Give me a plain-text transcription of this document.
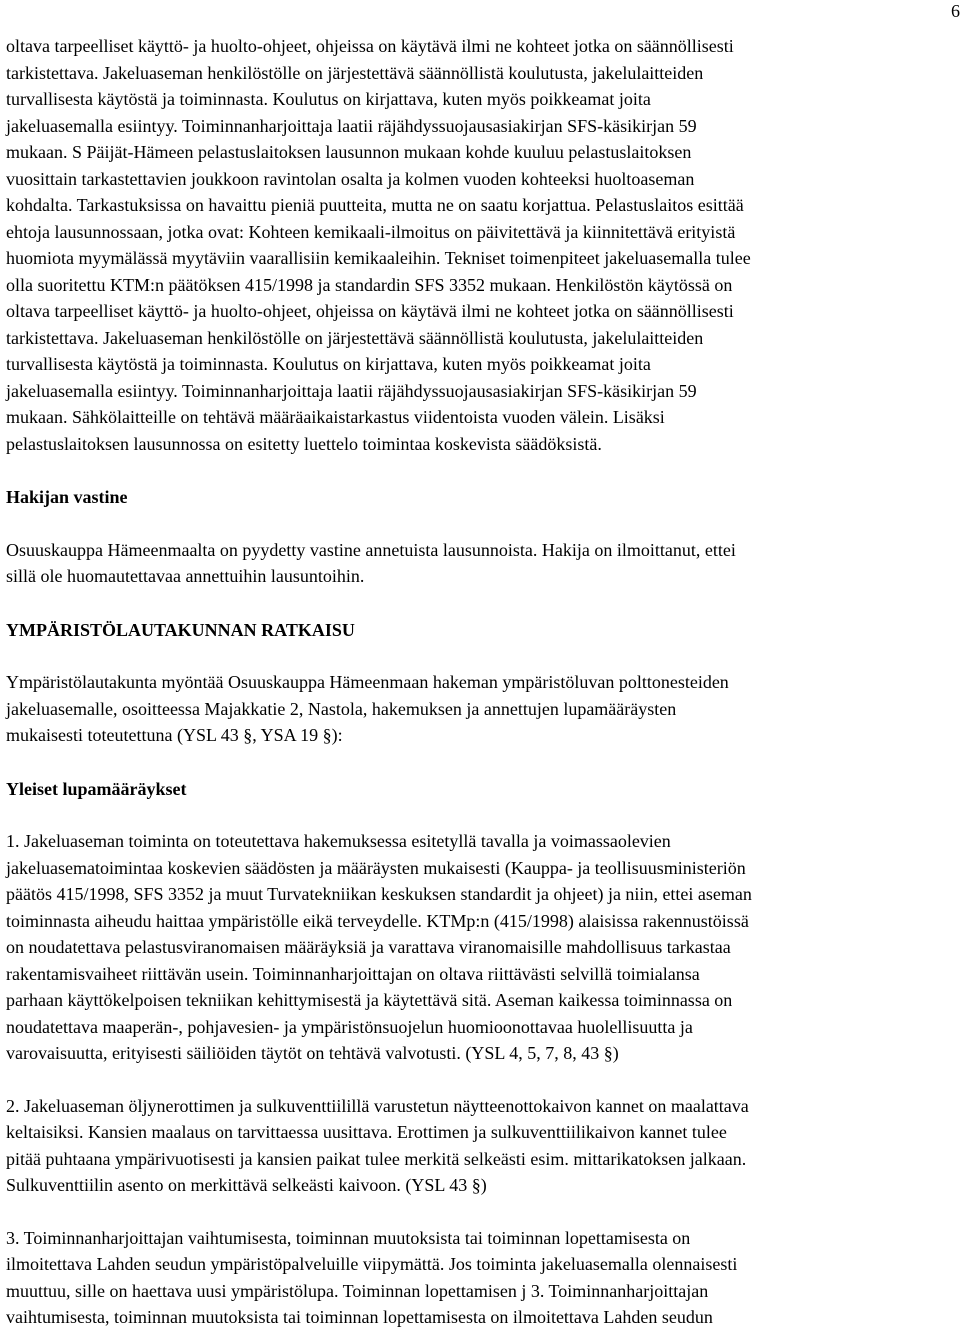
6

oltava tarpeelliset käyttö- ja huolto-ohjeet, ohjeissa on käytävä ilmi ne kohteet jotka on säännöllisesti
tarkistettava. Jakeluaseman henkilöstölle on järjestettävä säännöllistä koulutusta, jakelulaitteiden
turvallisesta käytöstä ja toiminnasta. Koulutus on kirjattava, kuten myös poikkeamat joita
jakeluasemalla esiintyy. Toiminnanharjoittaja laatii räjähdyssuojausasiakirjan SFS-käsikirjan 59
mukaan. S Päijät-Hämeen pelastuslaitoksen lausunnon mukaan kohde kuuluu pelastuslaitoksen
vuosittain tarkastettavien joukkoon ravintolan osalta ja kolmen vuoden kohteeksi huoltoaseman
kohdalta. Tarkastuksissa on havaittu pieniä puutteita, mutta ne on saatu korjattua. Pelastuslaitos esittää
ehtoja lausunnossaan, jotka ovat: Kohteen kemikaali-ilmoitus on päivitettävä ja kiinnitettävä erityistä
huomiota myymälässä myytäviin vaarallisiin kemikaaleihin. Tekniset toimenpiteet jakeluasemalla tulee
olla suoritettu KTM:n päätöksen 415/1998 ja standardin SFS 3352 mukaan. Henkilöstön käytössä on
oltava tarpeelliset käyttö- ja huolto-ohjeet, ohjeissa on käytävä ilmi ne kohteet jotka on säännöllisesti
tarkistettava. Jakeluaseman henkilöstölle on järjestettävä säännöllistä koulutusta, jakelulaitteiden
turvallisesta käytöstä ja toiminnasta. Koulutus on kirjattava, kuten myös poikkeamat joita
jakeluasemalla esiintyy. Toiminnanharjoittaja laatii räjähdyssuojausasiakirjan SFS-käsikirjan 59
mukaan. Sähkölaitteille on tehtävä määräaikaistarkastus viidentoista vuoden välein. Lisäksi
pelastuslaitoksen lausunnossa on esitetty luettelo toimintaa koskevista säädöksistä.

Hakijan vastine

Osuuskauppa Hämeenmaalta on pyydetty vastine annetuista lausunnoista. Hakija on ilmoittanut, ettei
sillä ole huomautettavaa annettuihin lausuntoihin.

YMPÄRISTÖLAUTAKUNNAN RATKAISU

Ympäristölautakunta myöntää Osuuskauppa Hämeenmaan hakeman ympäristöluvan polttonesteiden
jakeluasemalle, osoitteessa Majakkatie 2, Nastola, hakemuksen ja annettujen lupamääräysten
mukaisesti toteutettuna (YSL 43 §, YSA 19 §):

Yleiset lupamääräykset

1. Jakeluaseman toiminta on toteutettava hakemuksessa esitetyllä tavalla ja voimassaolevien
jakeluasematoimintaa koskevien säädösten ja määräysten mukaisesti (Kauppa- ja teollisuusministeriön
päätös 415/1998, SFS 3352 ja muut Turvatekniikan keskuksen standardit ja ohjeet) ja niin, ettei aseman
toiminnasta aiheudu haittaa ympäristölle eikä terveydelle. KTMp:n (415/1998) alaisissa rakennustöissä
on noudatettava pelastusviranomaisen määräyksiä ja varattava viranomaisille mahdollisuus tarkastaa
rakentamisvaiheet riittävän usein. Toiminnanharjoittajan on oltava riittävästi selvillä toimialansa
parhaan käyttökelpoisen tekniikan kehittymisestä ja käytettävä sitä. Aseman kaikessa toiminnassa on
noudatettava maaperän-, pohjavesien- ja ympäristönsuojelun huomioonottavaa huolellisuutta ja
varovaisuutta, erityisesti säiliöiden täytöt on tehtävä valvotusti. (YSL 4, 5, 7, 8, 43 §)

2. Jakeluaseman öljynerottimen ja sulkuventtiilillä varustetun näytteenottokaivon kannet on maalattava
keltaisiksi. Kansien maalaus on tarvittaessa uusittava. Erottimen ja sulkuventtiilikaivon kannet tulee
pitää puhtaana ympärivuotisesti ja kansien paikat tulee merkitä selkeästi esim. mittarikatoksen jalkaan.
Sulkuventtiilin asento on merkittävä selkeästi kaivoon. (YSL 43 §)

3. Toiminnanharjoittajan vaihtumisesta, toiminnan muutoksista tai toiminnan lopettamisesta on
ilmoitettava Lahden seudun ympäristöpalveluille viipymättä. Jos toiminta jakeluasemalla olennaisesti
muuttuu, sille on haettava uusi ympäristölupa. Toiminnan lopettamisen j 3. Toiminnanharjoittajan
vaihtumisesta, toiminnan muutoksista tai toiminnan lopettamisesta on ilmoitettava Lahden seudun
